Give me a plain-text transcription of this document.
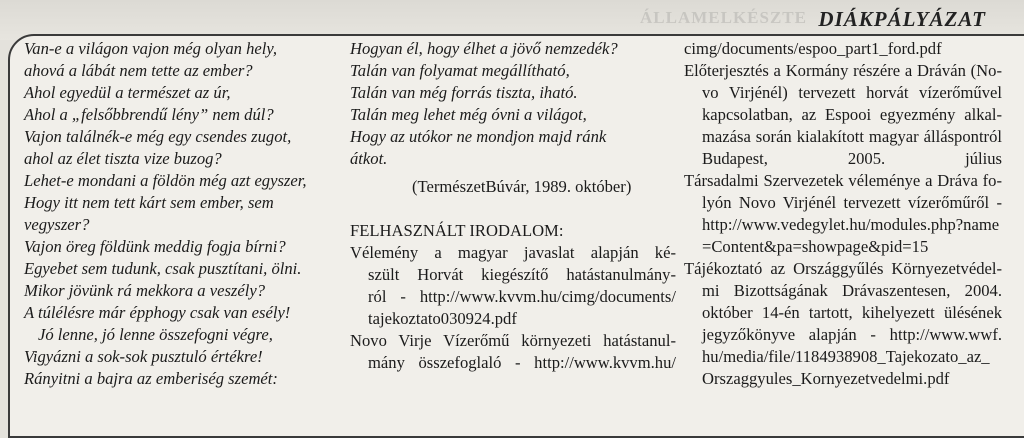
ÁLLAMELKÉSZTE DIÁKPÁLYÁZAT
Van-e a világon vajon még olyan hely,
ahová a lábát nem tette az ember?
Ahol egyedül a természet az úr,
Ahol a „felsőbbrendű lény” nem dúl?
Vajon találnék-e még egy csendes zugot,
ahol az élet tiszta vize buzog?
Lehet-e mondani a földön még azt egyszer,
Hogy itt nem tett kárt sem ember, sem
vegyszer?
Vajon öreg földünk meddig fogja bírni?
Egyebet sem tudunk, csak pusztítani, ölni.
Mikor jövünk rá mekkora a veszély?
A túlélésre már épphogy csak van esély!
Jó lenne, jó lenne összefogni végre,
Vigyázni a sok-sok pusztuló értékre!
Rányitni a bajra az emberiség szemét:
Hogyan él, hogy élhet a jövő nemzedék?
Talán van folyamat megállítható,
Talán van még forrás tiszta, iható.
Talán meg lehet még óvni a világot,
Hogy az utókor ne mondjon majd ránk
átkot.
(TermészetBúvár, 1989. október)
FELHASZNÁLT IRODALOM:
Vélemény a magyar javaslat alapján ké-
szült Horvát kiegészítő hatástanulmány-
ról - http://www.kvvm.hu/cimg/documents/
tajekoztato030924.pdf
Novo Virje Vízerőmű környezeti hatástanul-
mány összefoglaló - http://www.kvvm.hu/
cimg/documents/espoo_part1_ford.pdf
Előterjesztés a Kormány részére a Dráván (No-
vo Virjénél) tervezett horvát vízerőművel
kapcsolatban, az Espooi egyezmény alkal-
mazása során kialakított magyar álláspontról
Budapest, 2005. július
Társadalmi Szervezetek véleménye a Dráva fo-
lyón Novo Virjénél tervezett vízerőműről -
http://www.vedegylet.hu/modules.php?name
=Content&pa=showpage&pid=15
Tájékoztató az Országgyűlés Környezetvédel-
mi Bizottságának Drávaszentesen, 2004.
október 14-én tartott, kihelyezett ülésének
jegyzőkönyve alapján - http://www.wwf.
hu/media/file/1184938908_Tajekozato_az_
Orszaggyules_Kornyezetvedelmi.pdf
